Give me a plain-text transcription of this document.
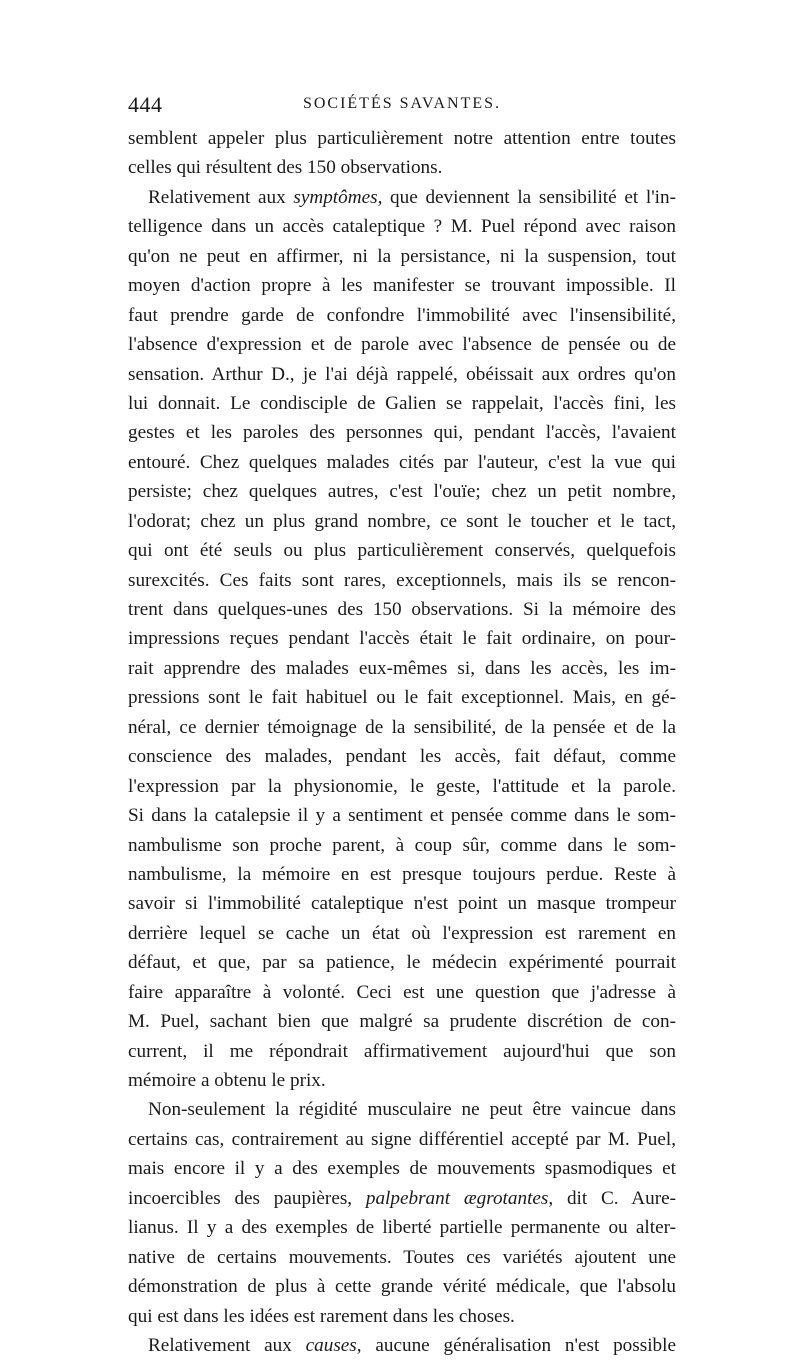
444	SOCIÉTÉS SAVANTES.
semblent appeler plus particulièrement notre attention entre toutes
celles qui résultent des 150 observations.
Relativement aux symptômes, que deviennent la sensibilité et l'in-
telligence dans un accès cataleptique ? M. Puel répond avec raison
qu'on ne peut en affirmer, ni la persistance, ni la suspension, tout
moyen d'action propre à les manifester se trouvant impossible. Il
faut prendre garde de confondre l'immobilité avec l'insensibilité,
l'absence d'expression et de parole avec l'absence de pensée ou de
sensation. Arthur D., je l'ai déjà rappelé, obéissait aux ordres qu'on
lui donnait. Le condisciple de Galien se rappelait, l'accès fini, les
gestes et les paroles des personnes qui, pendant l'accès, l'avaient
entouré. Chez quelques malades cités par l'auteur, c'est la vue qui
persiste; chez quelques autres, c'est l'ouïe; chez un petit nombre,
l'odorat; chez un plus grand nombre, ce sont le toucher et le tact,
qui ont été seuls ou plus particulièrement conservés, quelquefois
surexcités. Ces faits sont rares, exceptionnels, mais ils se rencon-
trent dans quelques-unes des 150 observations. Si la mémoire des
impressions reçues pendant l'accès était le fait ordinaire, on pour-
rait apprendre des malades eux-mêmes si, dans les accès, les im-
pressions sont le fait habituel ou le fait exceptionnel. Mais, en gé-
néral, ce dernier témoignage de la sensibilité, de la pensée et de la
conscience des malades, pendant les accès, fait défaut, comme
l'expression par la physionomie, le geste, l'attitude et la parole.
Si dans la catalepsie il y a sentiment et pensée comme dans le som-
nambulisme son proche parent, à coup sûr, comme dans le som-
nambulisme, la mémoire en est presque toujours perdue. Reste à
savoir si l'immobilité cataleptique n'est point un masque trompeur
derrière lequel se cache un état où l'expression est rarement en
défaut, et que, par sa patience, le médecin expérimenté pourrait
faire apparaître à volonté. Ceci est une question que j'adresse à
M. Puel, sachant bien que malgré sa prudente discrétion de con-
current, il me répondrait affirmativement aujourd'hui que son
mémoire a obtenu le prix.
Non-seulement la régidité musculaire ne peut être vaincue dans
certains cas, contrairement au signe différentiel accepté par M. Puel,
mais encore il y a des exemples de mouvements spasmodiques et
incoercibles des paupières, palpebrant ægrotantes, dit C. Aure-
lianus. Il y a des exemples de liberté partielle permanente ou alter-
native de certains mouvements. Toutes ces variétés ajoutent une
démonstration de plus à cette grande vérité médicale, que l'absolu
qui est dans les idées est rarement dans les choses.
Relativement aux causes, aucune généralisation n'est possible
